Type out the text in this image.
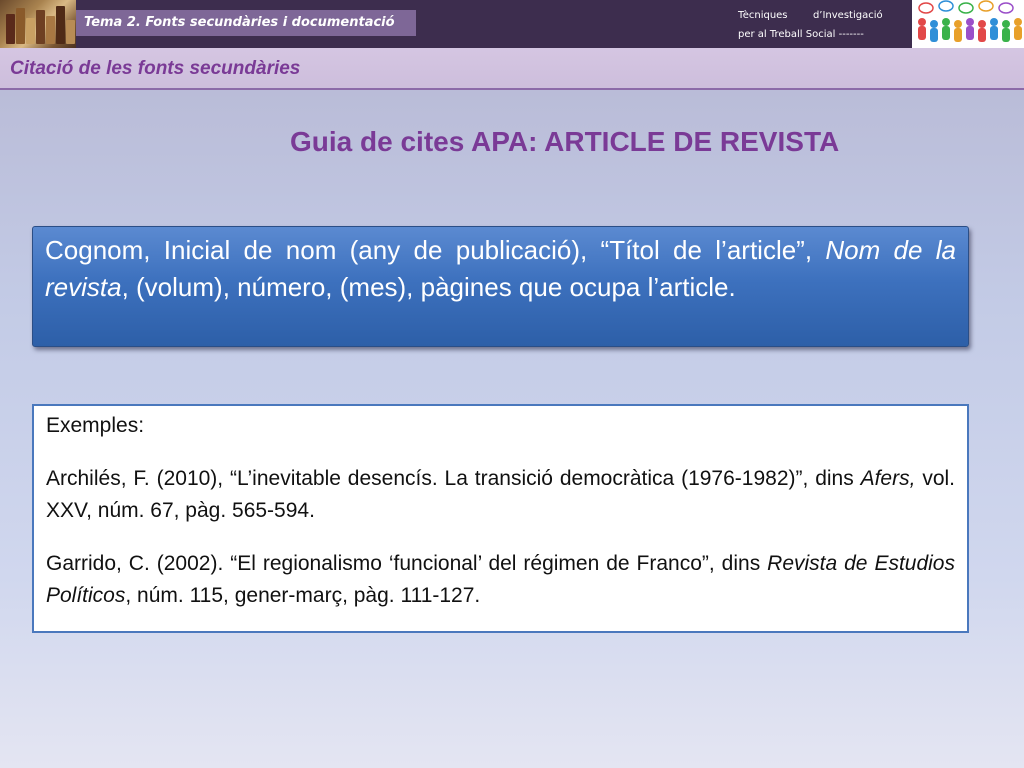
Tema 2. Fonts secundàries i documentació	Tècniques        d’Investigació
per al Treball Social -------
Citació de les fonts secundàries
Guia de cites APA: ARTICLE DE REVISTA
Cognom, Inicial de nom (any de publicació), “Títol de l’article”, Nom de la revista, (volum), número, (mes), pàgines que ocupa l’article.
Exemples:

Archilés, F. (2010), “L’inevitable desencís. La transició democràtica (1976-1982)”, dins Afers, vol. XXV, núm. 67, pàg. 565-594.

Garrido, C. (2002). “El regionalismo ‘funcional’ del régimen de Franco”, dins Revista de Estudios Políticos, núm. 115, gener-març, pàg. 111-127.
